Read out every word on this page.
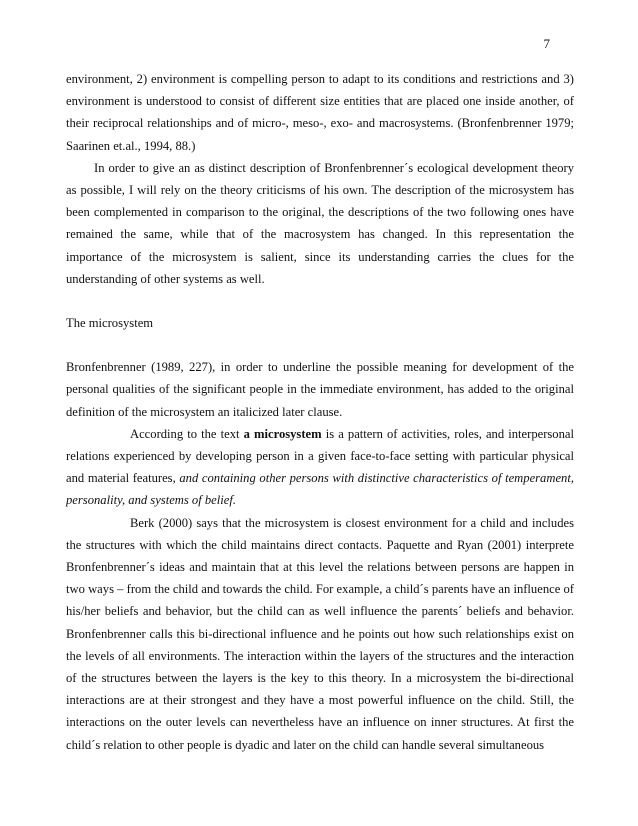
7

environment, 2) environment is compelling person to adapt to its conditions and restrictions and 3) environment is understood to consist of different size entities that are placed one inside another, of their reciprocal relationships and of micro-, meso-, exo- and macrosystems. (Bronfenbrenner 1979; Saarinen et.al., 1994, 88.)

In order to give an as distinct description of Bronfenbrenner´s ecological development theory as possible, I will rely on the theory criticisms of his own. The description of the microsystem has been complemented in comparison to the original, the descriptions of the two following ones have remained the same, while that of the macrosystem has changed. In this representation the importance of the microsystem is salient, since its understanding carries the clues for the understanding of other systems as well.

The microsystem

Bronfenbrenner (1989, 227), in order to underline the possible meaning for development of the personal qualities of the significant people in the immediate environment, has added to the original definition of the microsystem an italicized later clause.

According to the text a microsystem is a pattern of activities, roles, and interpersonal relations experienced by developing person in a given face-to-face setting with particular physical and material features, and containing other persons with distinctive characteristics of temperament, personality, and systems of belief.

Berk (2000) says that the microsystem is closest environment for a child and includes the structures with which the child maintains direct contacts. Paquette and Ryan (2001) interprete Bronfenbrenner´s ideas and maintain that at this level the relations between persons are happen in two ways – from the child and towards the child. For example, a child´s parents have an influence of his/her beliefs and behavior, but the child can as well influence the parents´ beliefs and behavior. Bronfenbrenner calls this bi-directional influence and he points out how such relationships exist on the levels of all environments. The interaction within the layers of the structures and the interaction of the structures between the layers is the key to this theory. In a microsystem the bi-directional interactions are at their strongest and they have a most powerful influence on the child. Still, the interactions on the outer levels can nevertheless have an influence on inner structures. At first the child´s relation to other people is dyadic and later on the child can handle several simultaneous
